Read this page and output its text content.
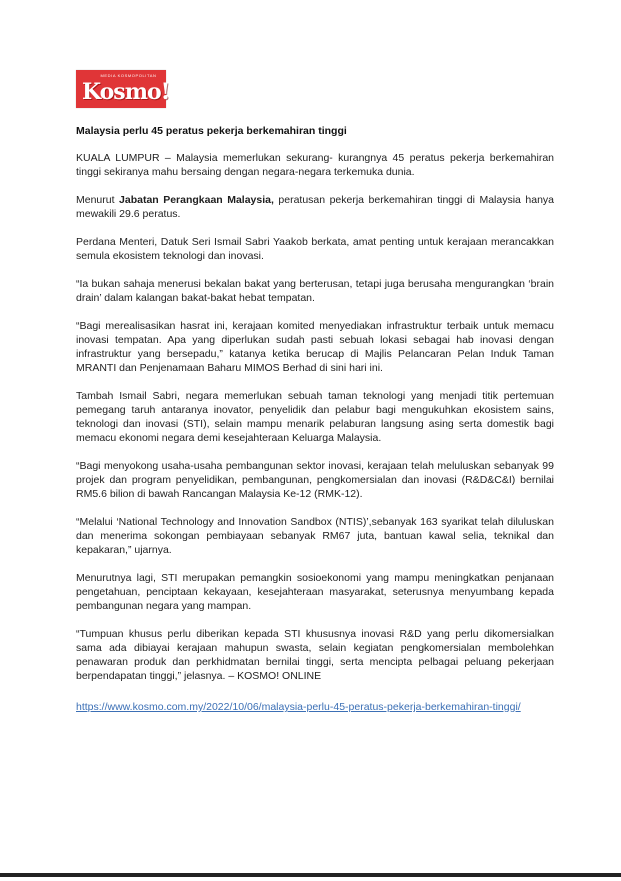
MEDIA KOSMOPOLITAN
Kosmo!

Malaysia perlu 45 peratus pekerja berkemahiran tinggi

KUALA LUMPUR – Malaysia memerlukan sekurang- kurangnya 45 peratus pekerja berkemahiran tinggi sekiranya mahu bersaing dengan negara-negara terkemuka dunia.

Menurut Jabatan Perangkaan Malaysia, peratusan pekerja berkemahiran tinggi di Malaysia hanya mewakili 29.6 peratus.

Perdana Menteri, Datuk Seri Ismail Sabri Yaakob berkata, amat penting untuk kerajaan merancakkan semula ekosistem teknologi dan inovasi.

“Ia bukan sahaja menerusi bekalan bakat yang berterusan, tetapi juga berusaha mengurangkan ‘brain drain’ dalam kalangan bakat-bakat hebat tempatan.

“Bagi merealisasikan hasrat ini, kerajaan komited menyediakan infrastruktur terbaik untuk memacu inovasi tempatan. Apa yang diperlukan sudah pasti sebuah lokasi sebagai hab inovasi dengan infrastruktur yang bersepadu,” katanya ketika berucap di Majlis Pelancaran Pelan Induk Taman MRANTI dan Penjenamaan Baharu MIMOS Berhad di sini hari ini.

Tambah Ismail Sabri, negara memerlukan sebuah taman teknologi yang menjadi titik pertemuan pemegang taruh antaranya inovator, penyelidik dan pelabur bagi mengukuhkan ekosistem sains, teknologi dan inovasi (STI), selain mampu menarik pelaburan langsung asing serta domestik bagi memacu ekonomi negara demi kesejahteraan Keluarga Malaysia.

“Bagi menyokong usaha-usaha pembangunan sektor inovasi, kerajaan telah meluluskan sebanyak 99 projek dan program penyelidikan, pembangunan, pengkomersialan dan inovasi (R&D&C&I) bernilai RM5.6 bilion di bawah Rancangan Malaysia Ke-12 (RMK-12).

“Melalui ‘National Technology and Innovation Sandbox (NTIS)’,sebanyak 163 syarikat telah diluluskan dan menerima sokongan pembiayaan sebanyak RM67 juta, bantuan kawal selia, teknikal dan kepakaran,” ujarnya.

Menurutnya lagi, STI merupakan pemangkin sosioekonomi yang mampu meningkatkan penjanaan pengetahuan, penciptaan kekayaan, kesejahteraan masyarakat, seterusnya menyumbang kepada pembangunan negara yang mampan.

“Tumpuan khusus perlu diberikan kepada STI khususnya inovasi R&D yang perlu dikomersialkan sama ada dibiayai kerajaan mahupun swasta, selain kegiatan pengkomersialan membolehkan penawaran produk dan perkhidmatan bernilai tinggi, serta mencipta pelbagai peluang pekerjaan berpendapatan tinggi,” jelasnya. – KOSMO! ONLINE

https://www.kosmo.com.my/2022/10/06/malaysia-perlu-45-peratus-pekerja-berkemahiran-tinggi/
